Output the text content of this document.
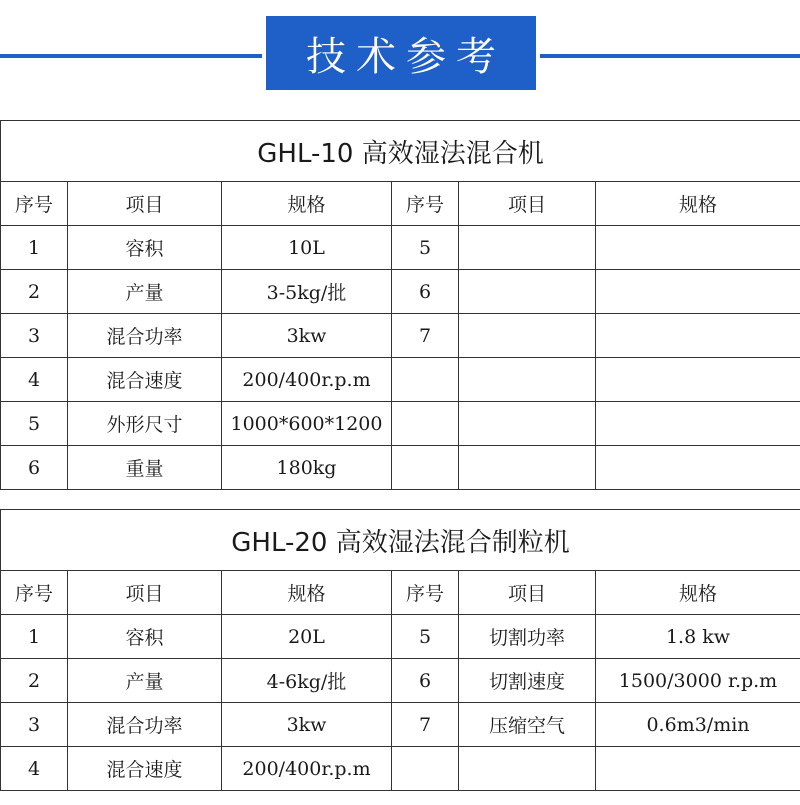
技术参考
GHL-10 高效湿法混合机					
序号	项目	规格	序号	项目	规格
1	容积	10L	5		
2	产量	3-5kg/批	6		
3	混合功率	3kw	7		
4	混合速度	200/400r.p.m			
5	外形尺寸	1000*600*1200			
6	重量	180kg			
GHL-20 高效湿法混合制粒机					
序号	项目	规格	序号	项目	规格
1	容积	20L	5	切割功率	1.8 kw
2	产量	4-6kg/批	6	切割速度	1500/3000 r.p.m
3	混合功率	3kw	7	压缩空气	0.6m3/min
4	混合速度	200/400r.p.m			
